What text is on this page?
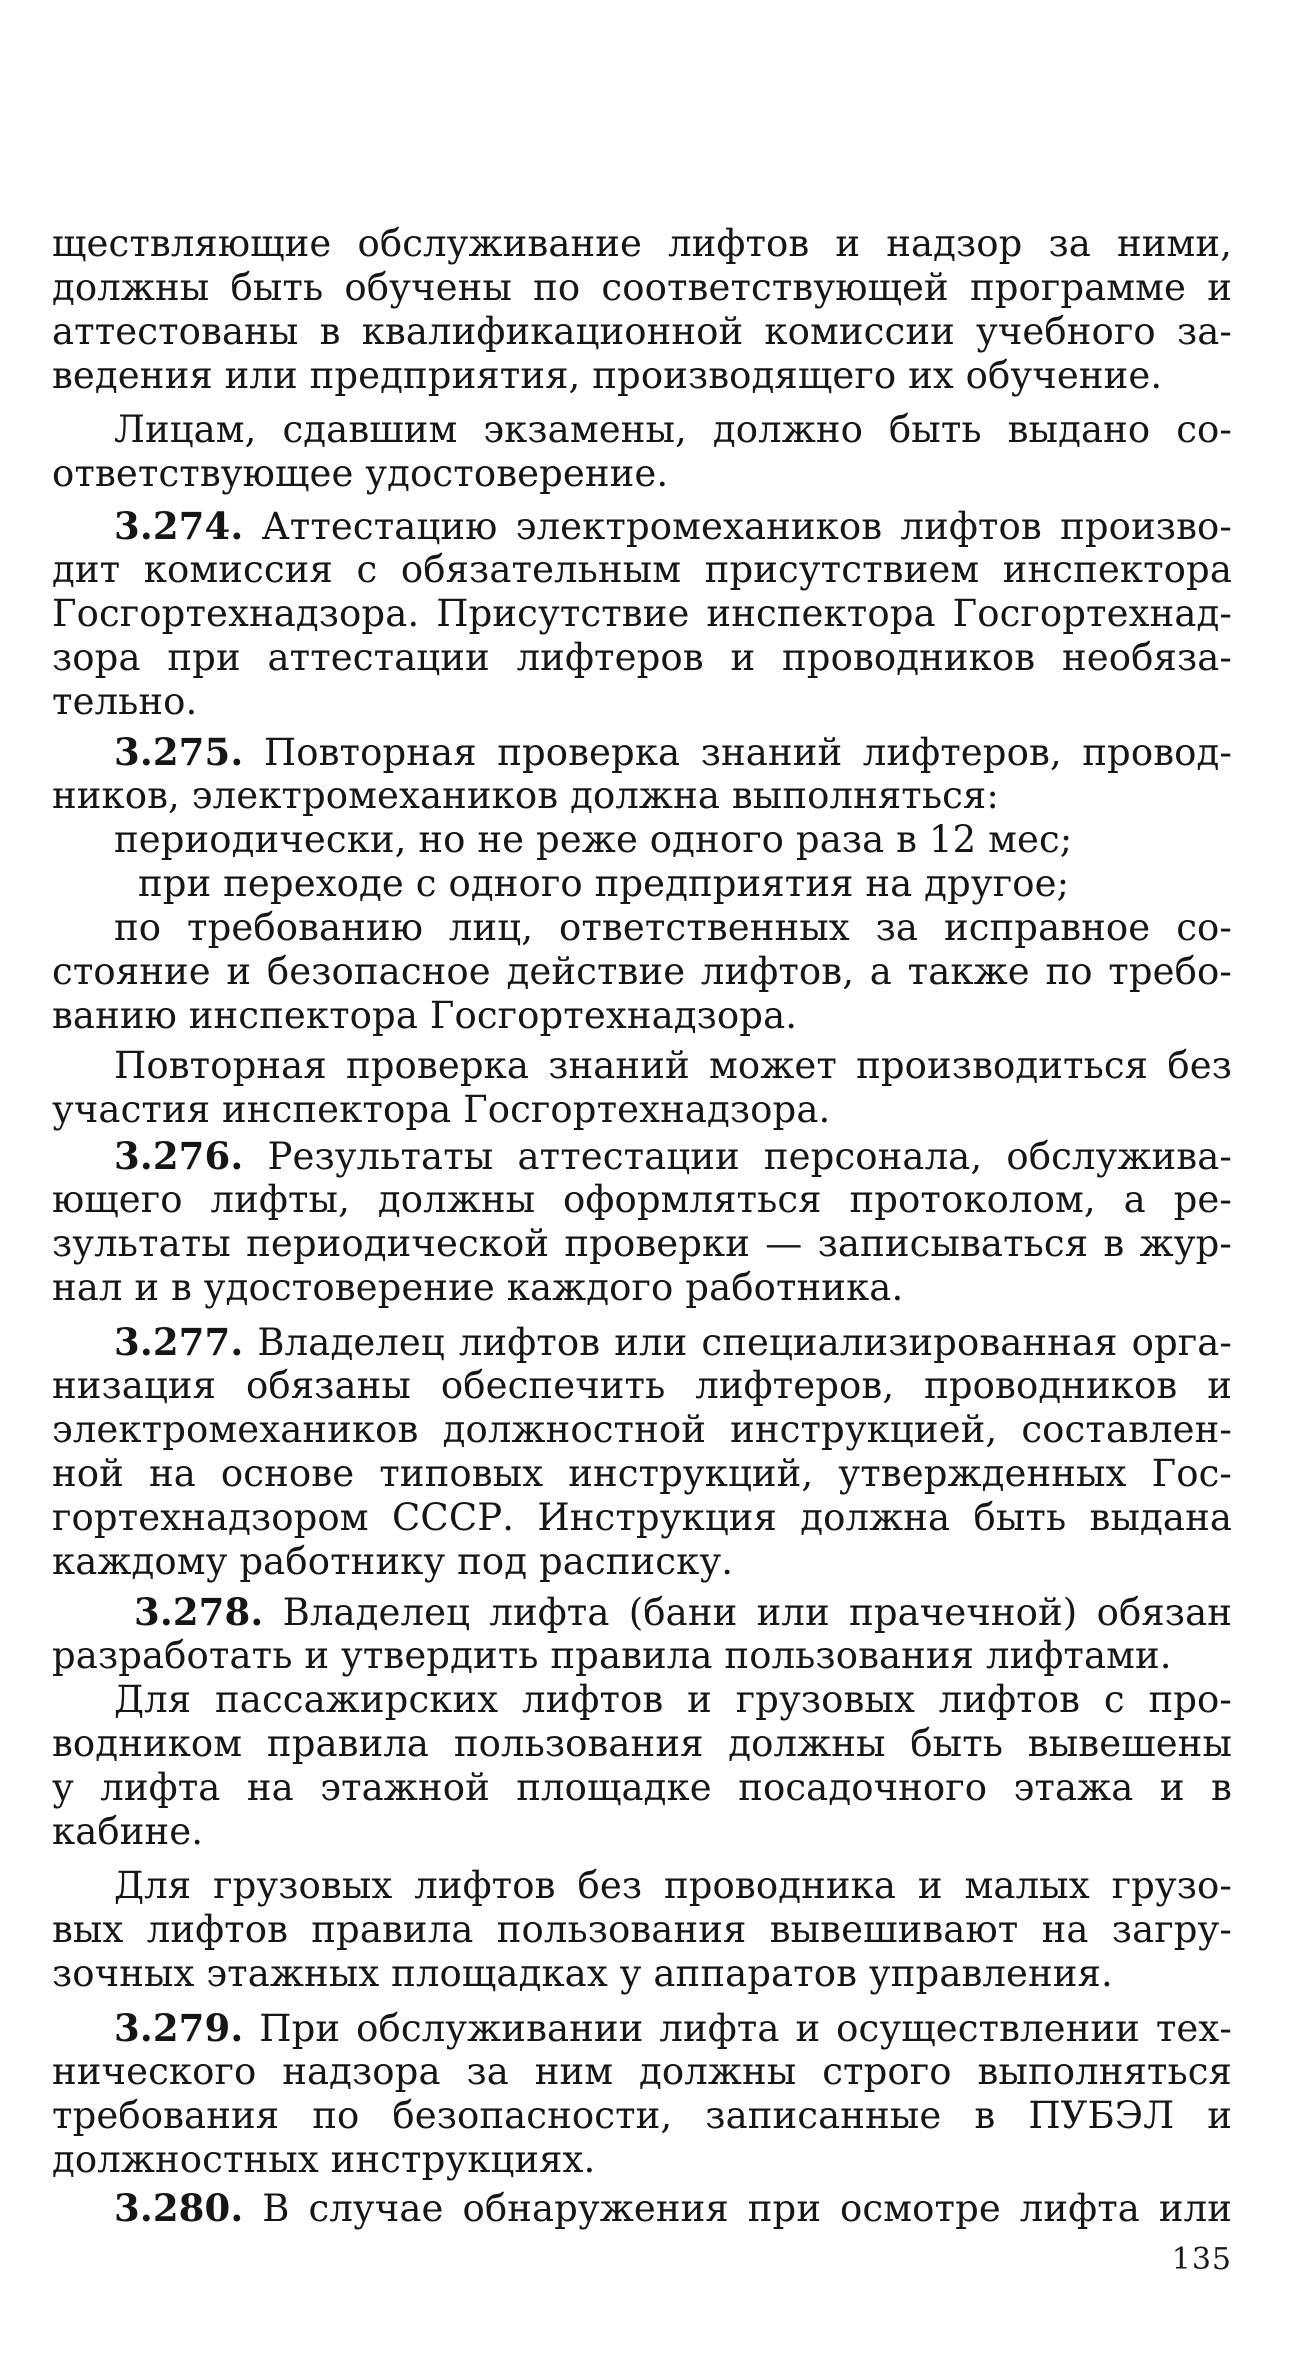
ществляющие обслуживание лифтов и надзор за ними,
должны быть обучены по соответствующей программе и
аттестованы в квалификационной комиссии учебного за-
ведения или предприятия, производящего их обучение.
Лицам, сдавшим экзамены, должно быть выдано со-
ответствующее удостоверение.
3.274. Аттестацию электромехаников лифтов произво-
дит комиссия с обязательным присутствием инспектора
Госгортехнадзора. Присутствие инспектора Госгортехнад-
зора при аттестации лифтеров и проводников необяза-
тельно.
3.275. Повторная проверка знаний лифтеров, провод-
ников, электромехаников должна выполняться:
периодически, но не реже одного раза в 12 мес;
при переходе с одного предприятия на другое;
по требованию лиц, ответственных за исправное со-
стояние и безопасное действие лифтов, а также по требо-
ванию инспектора Госгортехнадзора.
Повторная проверка знаний может производиться без
участия инспектора Госгортехнадзора.
3.276. Результаты аттестации персонала, обслужива-
ющего лифты, должны оформляться протоколом, а ре-
зультаты периодической проверки — записываться в жур-
нал и в удостоверение каждого работника.
3.277. Владелец лифтов или специализированная орга-
низация обязаны обеспечить лифтеров, проводников и
электромехаников должностной инструкцией, составлен-
ной на основе типовых инструкций, утвержденных Гос-
гортехнадзором СССР. Инструкция должна быть выдана
каждому работнику под расписку.
3.278. Владелец лифта (бани или прачечной) обязан
разработать и утвердить правила пользования лифтами.
Для пассажирских лифтов и грузовых лифтов с про-
водником правила пользования должны быть вывешены
у лифта на этажной площадке посадочного этажа и в
кабине.
Для грузовых лифтов без проводника и малых грузо-
вых лифтов правила пользования вывешивают на загру-
зочных этажных площадках у аппаратов управления.
3.279. При обслуживании лифта и осуществлении тех-
нического надзора за ним должны строго выполняться
требования по безопасности, записанные в ПУБЭЛ и
должностных инструкциях.
3.280. В случае обнаружения при осмотре лифта или
135
